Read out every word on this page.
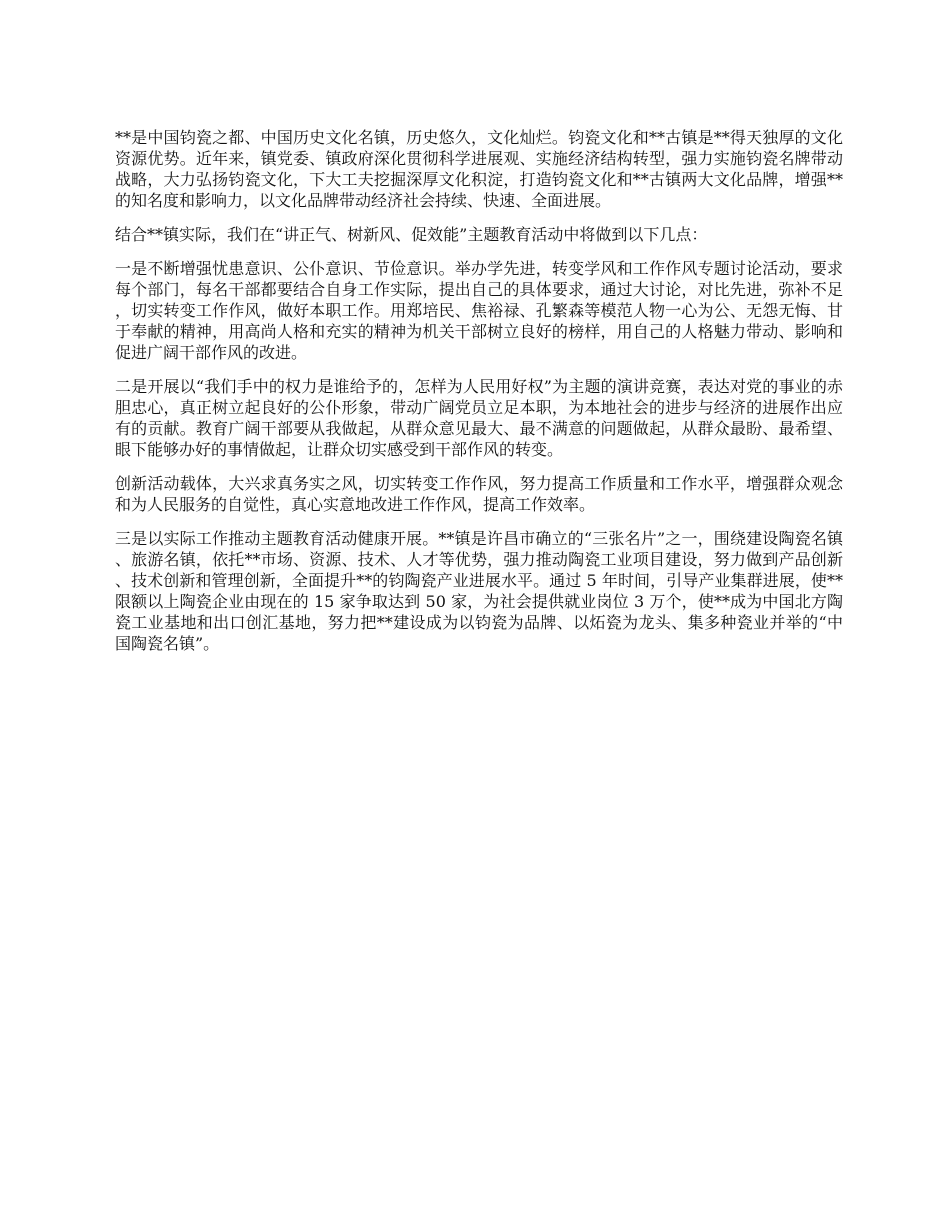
**是中国钧瓷之都、中国历史文化名镇，历史悠久，文化灿烂。钧瓷文化和**古镇是**得天独厚的文化资源优势。近年来，镇党委、镇政府深化贯彻科学进展观、实施经济结构转型，强力实施钧瓷名牌带动战略，大力弘扬钧瓷文化，下大工夫挖掘深厚文化积淀，打造钧瓷文化和**古镇两大文化品牌，增强**的知名度和影响力，以文化品牌带动经济社会持续、快速、全面进展。

结合**镇实际，我们在“讲正气、树新风、促效能”主题教育活动中将做到以下几点：

一是不断增强忧患意识、公仆意识、节俭意识。举办学先进，转变学风和工作作风专题讨论活动，要求每个部门，每名干部都要结合自身工作实际，提出自己的具体要求，通过大讨论，对比先进，弥补不足，切实转变工作作风，做好本职工作。用郑培民、焦裕禄、孔繁森等模范人物一心为公、无怨无悔、甘于奉献的精神，用高尚人格和充实的精神为机关干部树立良好的榜样，用自己的人格魅力带动、影响和促进广阔干部作风的改进。

二是开展以“我们手中的权力是谁给予的，怎样为人民用好权”为主题的演讲竞赛，表达对党的事业的赤胆忠心，真正树立起良好的公仆形象，带动广阔党员立足本职，为本地社会的进步与经济的进展作出应有的贡献。教育广阔干部要从我做起，从群众意见最大、最不满意的问题做起，从群众最盼、最希望、眼下能够办好的事情做起，让群众切实感受到干部作风的转变。

创新活动载体，大兴求真务实之风，切实转变工作作风，努力提高工作质量和工作水平，增强群众观念和为人民服务的自觉性，真心实意地改进工作作风，提高工作效率。

三是以实际工作推动主题教育活动健康开展。**镇是许昌市确立的“三张名片”之一，围绕建设陶瓷名镇、旅游名镇，依托**市场、资源、技术、人才等优势，强力推动陶瓷工业项目建设，努力做到产品创新、技术创新和管理创新，全面提升**的钧陶瓷产业进展水平。通过 5 年时间，引导产业集群进展，使**限额以上陶瓷企业由现在的 15 家争取达到 50 家，为社会提供就业岗位 3 万个，使**成为中国北方陶瓷工业基地和出口创汇基地，努力把**建设成为以钧瓷为品牌、以炻瓷为龙头、集多种瓷业并举的“中国陶瓷名镇”。
